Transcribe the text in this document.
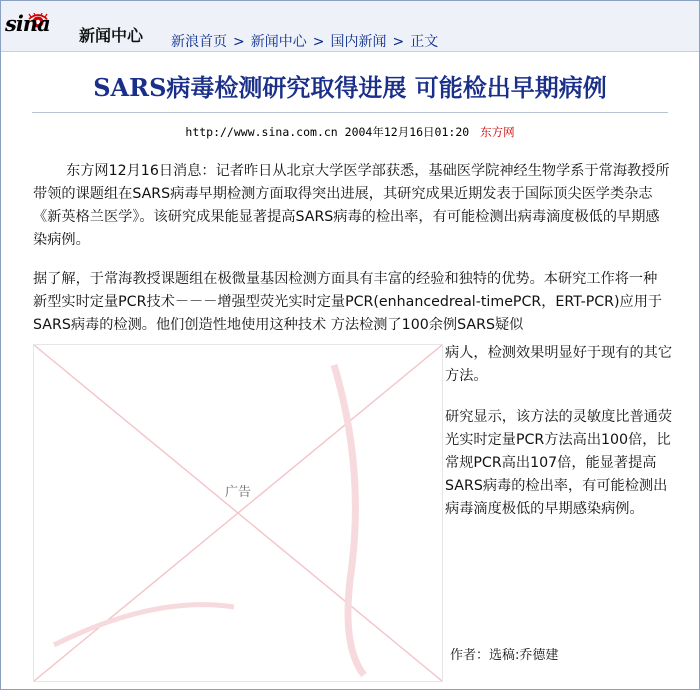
sina 新闻中心 新浪首页 > 新闻中心 > 国内新闻 > 正文
SARS病毒检测研究取得进展 可能检出早期病例
http://www.sina.com.cn 2004年12月16日01:20 东方网
东方网12月16日消息：记者昨日从北京大学医学部获悉，基础医学院神经生物学系于常海教授所带领的课题组在SARS病毒早期检测方面取得突出进展，其研究成果近期发表于国际顶尖医学类杂志《新英格兰医学》。该研究成果能显著提高SARS病毒的检出率，有可能检测出病毒滴度极低的早期感染病例。
据了解，于常海教授课题组在极微量基因检测方面具有丰富的经验和独特的优势。本研究工作将一种新型实时定量PCR技术－－－增强型荧光实时定量PCR(enhancedreal-timePCR，ERT-PCR)应用于SARS病毒的检测。他们创造性地使用这种技术 方法检测了100余例SARS疑似
病人，检测效果明显好于现有的其它方法。
研究显示，该方法的灵敏度比普通荧光实时定量PCR方法高出100倍，比常规PCR高出107倍，能显著提高SARS病毒的检出率，有可能检测出病毒滴度极低的早期感染病例。
广告
作者：选稿:乔德建
